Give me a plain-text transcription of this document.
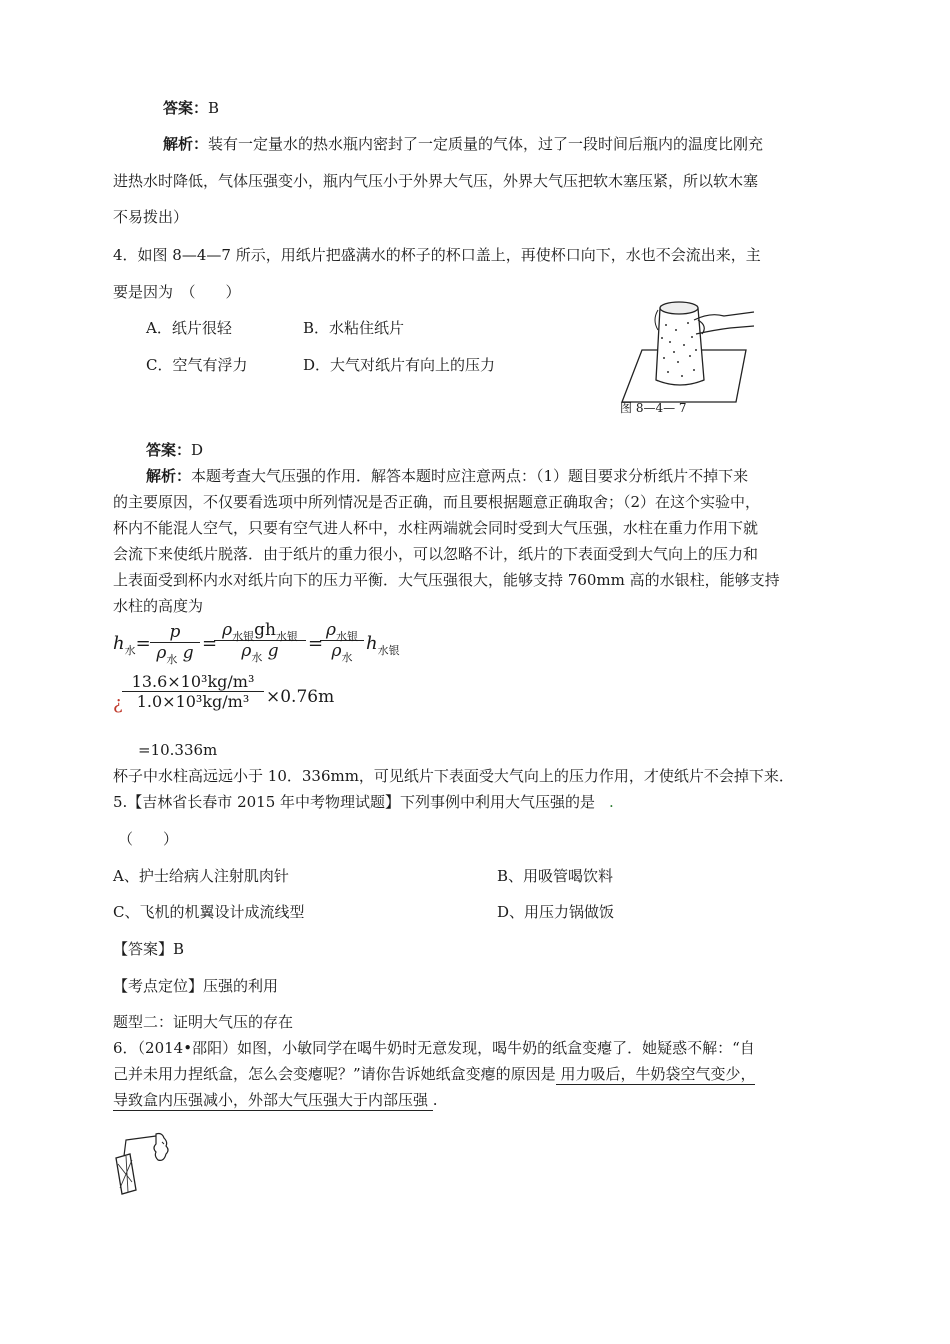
答案：B
解析：装有一定量水的热水瓶内密封了一定质量的气体，过了一段时间后瓶内的温度比刚充
进热水时降低，气体压强变小，瓶内气压小于外界大气压，外界大气压把软木塞压紧，所以软木塞
不易拨出）
4．如图 8—4—7 所示，用纸片把盛满水的杯子的杯口盖上，再使杯口向下，水也不会流出来，主
要是因为　（　　）
A．纸片很轻	B．水粘住纸片
C．空气有浮力	D．大气对纸片有向上的压力
图 8—4— 7
答案：D
解析：本题考查大气压强的作用．解答本题时应注意两点：（1）题目要求分析纸片不掉下来
的主要原因，不仅要看选项中所列情况是否正确，而且要根据题意正确取舍；（2）在这个实验中，
杯内不能混人空气，只要有空气进人杯中，水柱两端就会同时受到大气压强，水柱在重力作用下就
会流下来使纸片脱落．由于纸片的重力很小，可以忽略不计，纸片的下表面受到大气向上的压力和
上表面受到杯内水对纸片向下的压力平衡．大气压强很大，能够支持 760mm 高的水银柱，能够支持
水柱的高度为
$h_水=$
p
$\rho_水$ g =
$\rho_{水银}gh_{水银}$
$\rho_水$ g	=
$\rho_{水银}$
$\rho_水$
$h_{水银}$
¿ $\frac{\text{13.6×10³kg/m³}}{\text{1.0×10³kg/m³}} \times 0.76m$
=10.336m
杯子中水柱高远远小于 10．336mm，可见纸片下表面受大气向上的压力作用，才使纸片不会掉下来．
5.【吉林省长春市 2015 年中考物理试题】下列事例中利用大气压强的是 .
（　　）
A、护士给病人注射肌肉针	B、用吸管喝饮料
C、飞机的机翼设计成流线型	D、用压力锅做饭
【答案】B
【考点定位】压强的利用
题型二：证明大气压的存在
6．（2014•邵阳）如图，小敏同学在喝牛奶时无意发现，喝牛奶的纸盒变瘪了．她疑惑不解：“自
己并未用力捏纸盒，怎么会变瘪呢？”请你告诉她纸盒变瘪的原因是 用力吸后，牛奶袋空气变少，
导致盒内压强减小，外部大气压强大于内部压强 .
